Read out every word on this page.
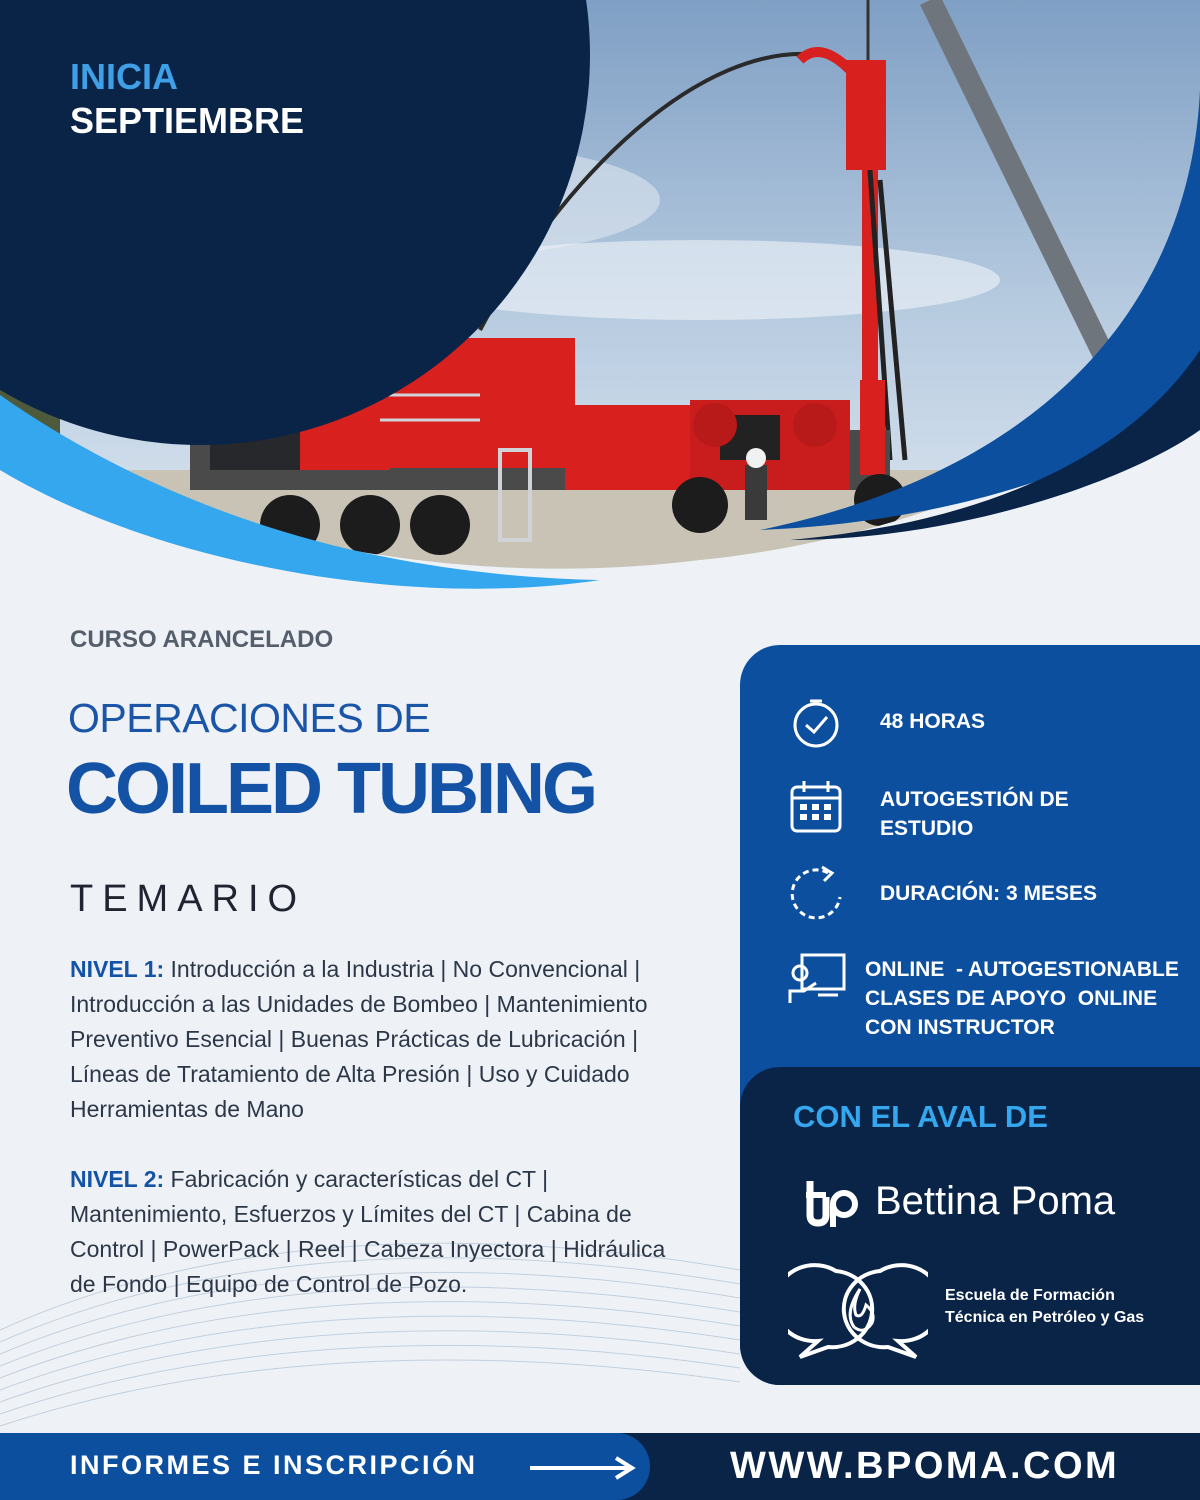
INICIA
SEPTIEMBRE
CURSO ARANCELADO
OPERACIONES DE
COILED TUBING
TEMARIO
NIVEL 1: Introducción a la Industria | No Convencional | Introducción a las Unidades de Bombeo | Mantenimiento Preventivo Esencial | Buenas Prácticas de Lubricación | Líneas de Tratamiento de Alta Presión | Uso y Cuidado Herramientas de Mano
NIVEL 2: Fabricación y características del CT | Mantenimiento, Esfuerzos y Límites del CT | Cabina de Control | PowerPack | Reel | Cabeza Inyectora | Hidráulica de Fondo | Equipo de Control de Pozo.
48 HORAS
AUTOGESTIÓN DE
ESTUDIO
DURACIÓN: 3 MESES
ONLINE  - AUTOGESTIONABLE
CLASES DE APOYO  ONLINE
CON INSTRUCTOR
CON EL AVAL DE
Bettina Poma
Escuela de Formación
Técnica en Petróleo y Gas
INFORMES E INSCRIPCIÓN	WWW.BPOMA.COM
